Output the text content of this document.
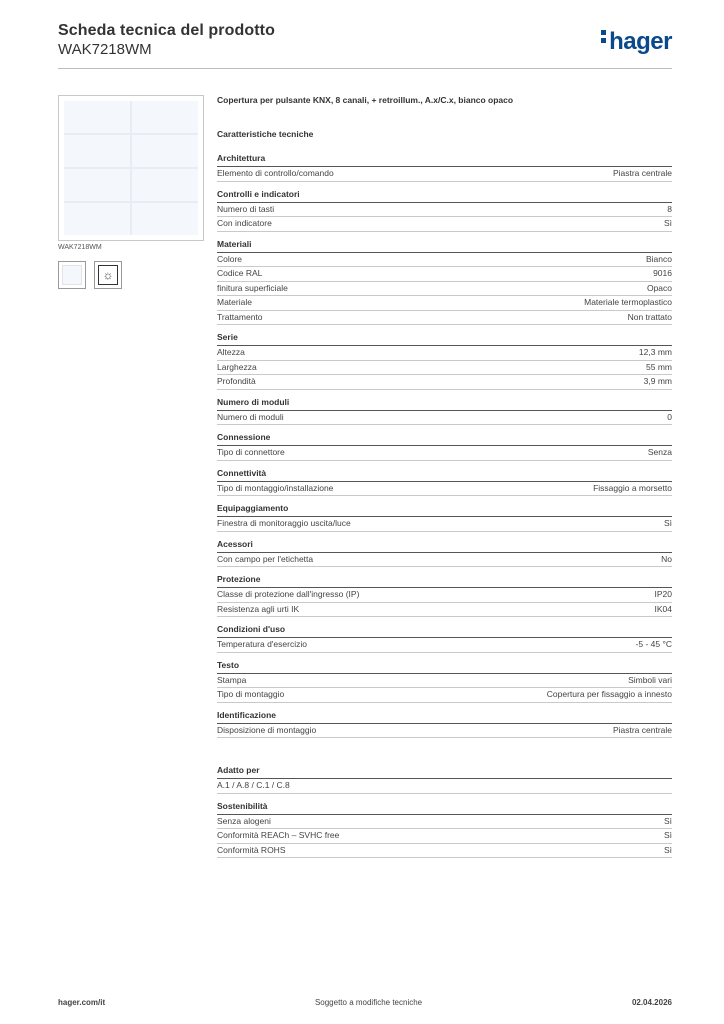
Scheda tecnica del prodotto
WAK7218WM	hager
WAK7218WM
☼
Copertura per pulsante KNX, 8 canali, + retroillum., A.x/C.x, bianco opaco
Caratteristiche tecniche
Architettura
Elemento di controllo/comando	Piastra centrale
Controlli e indicatori
Numero di tasti	8
Con indicatore	Sì
Materiali
Colore	Bianco
Codice RAL	9016
finitura superficiale	Opaco
Materiale	Materiale termoplastico
Trattamento	Non trattato
Serie
Altezza	12,3 mm
Larghezza	55 mm
Profondità	3,9 mm
Numero di moduli
Numero di moduli	0
Connessione
Tipo di connettore	Senza
Connettività
Tipo di montaggio/installazione	Fissaggio a morsetto
Equipaggiamento
Finestra di monitoraggio uscita/luce	Sì
Acessori
Con campo per l'etichetta	No
Protezione
Classe di protezione dall'ingresso (IP)	IP20
Resistenza agli urti IK	IK04
Condizioni d'uso
Temperatura d'esercizio	-5 - 45 °C
Testo
Stampa	Simboli vari
Tipo di montaggio	Copertura per fissaggio a innesto
Identificazione
Disposizione di montaggio	Piastra centrale
Adatto per
A.1 / A.8 / C.1 / C.8
Sostenibilità
Senza alogeni	Sì
Conformità REACh – SVHC free	Sì
Conformità ROHS	Sì
hager.com/it	Soggetto a modifiche tecniche	02.04.2026
